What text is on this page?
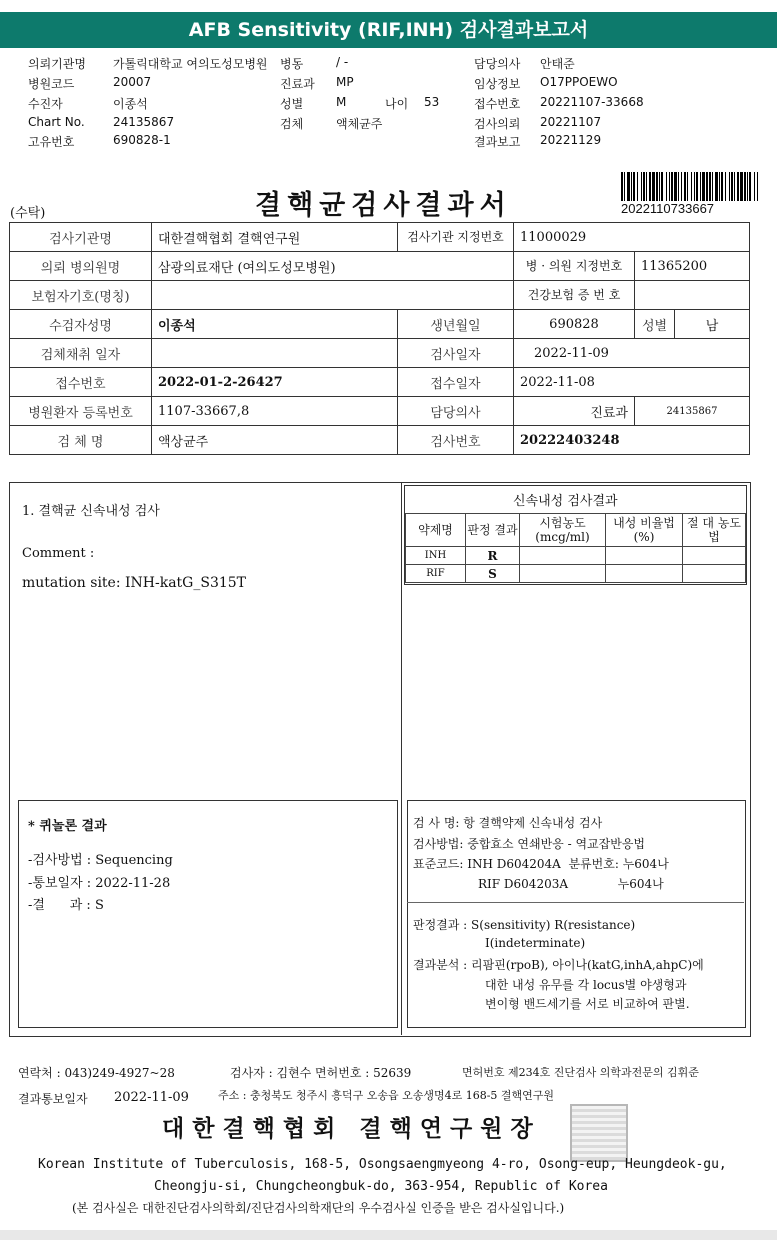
AFB Sensitivity (RIF,INH) 검사결과보고서
의뢰기관명 가톨릭대학교 여의도성모병원 병동	/ -	담당의사 안태준
병원코드	20007	진료과 MP	임상정보 O17PPOEWO
수진자	이종석	성별	M	나이 53	접수번호 20221107-33668
Chart No. 24135867	검체	액체균주	검사의뢰 20221107
고유번호	690828-1	결과보고 20221129
(수탁)	결핵균검사결과서	2022110733667
검사기관명	대한결핵협회 결핵연구원	검사기관 지정번호	11000029		
의뢰 병의원명	삼광의료재단 (여의도성모병원)		병 · 의원 지정번호	11365200	
보험자기호(명칭)			건강보험 증 번 호		
수검자성명	이종석	생년월일	690828	성별	남
검체채취 일자		검사일자	2022-11-09		
접수번호	2022-01-2-26427	접수일자	2022-11-08		
병원환자 등록번호	1107-33667,8	담당의사	진료과	24135867	
검 체 명	액상균주	검사번호	20222403248		
1. 결핵균 신속내성 검사
Comment :
mutation site: INH-katG_S315T
* 퀴놀론 결과
-검사방법 : Sequencing
-통보일자 : 2022-11-28
-결      과 : S
신속내성 검사결과
약제명	판정 결과	시험농도 (mcg/ml)	내성 비율법(%)	절 대 농도법
INH	R			
RIF	S			
검 사 명: 항 결핵약제 신속내성 검사
검사방법: 중합효소 연쇄반응 - 역교잡반응법
표준코드: INH D604204A  분류번호: 누604나
RIF D604203A             누604나
판정결과 : S(sensitivity) R(resistance)
I(indeterminate)
결과분석 : 리팜핀(rpoB), 아이나(katG,inhA,ahpC)에
대한 내성 유무를 각 locus별 야생형과
변이형 밴드세기를 서로 비교하여 판별.
연락처 : 043)249-4927~28	검사자 : 김현수 면허번호 : 52639	면허번호 제234호 진단검사 의학과전문의 김휘준
결과통보일자 2022-11-09	주소 : 충청북도 청주시 흥덕구 오송읍 오송생명4로 168-5 결핵연구원
대 한 결 핵 협 회   결 핵 연 구 원 장
Korean Institute of Tuberculosis, 168-5, Osongsaengmyeong 4-ro, Osong-eup, Heungdeok-gu,
Cheongju-si, Chungcheongbuk-do, 363-954, Republic of Korea
(본 검사실은 대한진단검사의학회/진단검사의학재단의 우수검사실 인증을 받은 검사실입니다.)
